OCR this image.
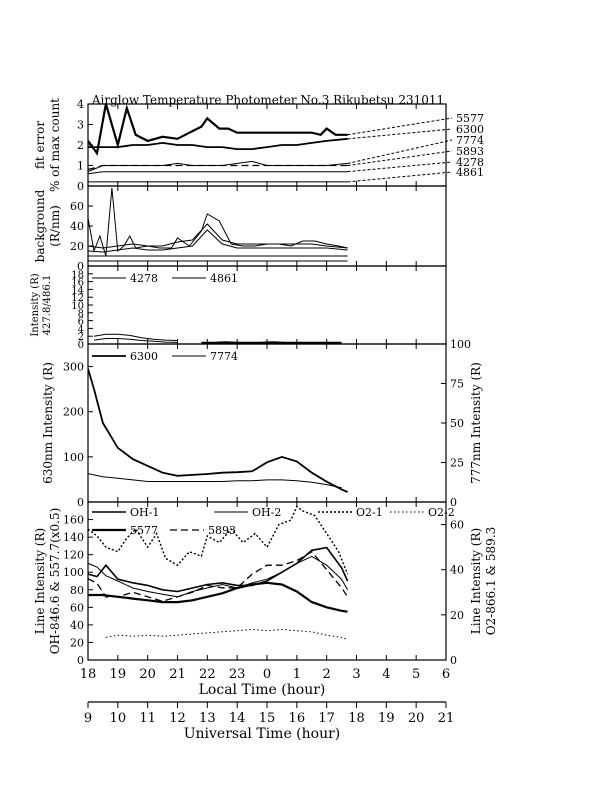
Airglow Temperature Photometer No.3 Rikubetsu 231011
0
1
2
3
4
fit error % of max count	5577
6300
7774
5893
4278
4861
0
20
40
60
background (R/nm)
0
2
4
6
8
10
12
14
16
18
Intensity (R) 427.8/486.1	4278	4861
0
100
200
300
0
25
50
75
100
630nm Intensity (R)	777nm Intensity (R)
6300	7774
0
20
40
60
80
100
120
140
160
0
20
40
60
Line Intensity (R) OH-846.6 & 557.7(x0.5)	Line Intensity (R) O2-866.1 & 589.3
OH-1	OH-2	O2-1	O2-2
5577	5893
Local Time (hour)
Universal Time (hour)
18 19 20 21 22 23 0 1 2 3 4 5 6
9 10 11 12 13 14 15 16 17 18 19 20 21
